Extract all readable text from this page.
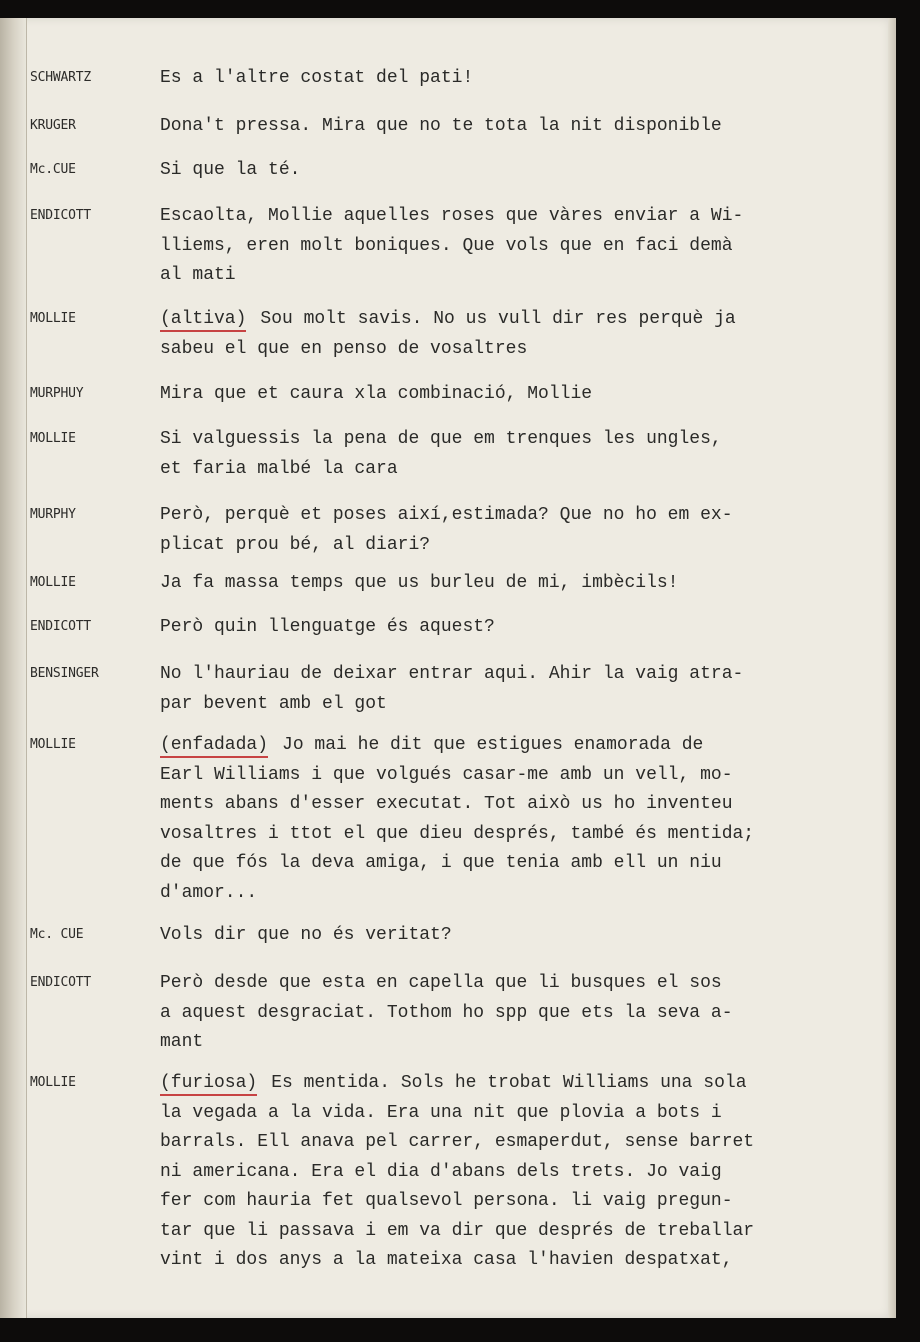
SCHWARTZ	Es a l'altre costat del pati!
KRUGER	Dona't pressa. Mira que no te tota la nit disponible
Mc.CUE	Si que la té.
ENDICOTT	Escaolta, Mollie aquelles roses que vàres enviar a Wi-
lliems, eren molt boniques. Que vols que en faci demà
al mati
MOLLIE	(altiva) Sou molt savis. No us vull dir res perquè ja
sabeu el que en penso de vosaltres
MURPHUY	Mira que et caura xla combinació, Mollie
MOLLIE	Si valguessis la pena de que em trenques les ungles,
et faria malbé la cara
MURPHY	Però, perquè et poses així,estimada? Que no ho em ex-
plicat prou bé, al diari?
MOLLIE	Ja fa massa temps que us burleu de mi, imbècils!
ENDICOTT	Però quin llenguatge és aquest?
BENSINGER	No l'hauriau de deixar entrar aqui. Ahir la vaig atra-
par bevent amb el got
MOLLIE	(enfadada) Jo mai he dit que estigues enamorada de
Earl Williams i que volgués casar-me amb un vell, mo-
ments abans d'esser executat. Tot això us ho inventeu
vosaltres i ttot el que dieu després, també és mentida;
de que fós la deva amiga, i que tenia amb ell un niu
d'amor...
Mc. CUE	Vols dir que no és veritat?
ENDICOTT	Però desde que esta en capella que li busques el sos
a aquest desgraciat. Tothom ho spp que ets la seva a-
mant
MOLLIE	(furiosa) Es mentida. Sols he trobat Williams una sola
la vegada a la vida. Era una nit que plovia a bots i
barrals. Ell anava pel carrer, esmaperdut, sense barret
ni americana. Era el dia d'abans dels trets. Jo vaig
fer com hauria fet qualsevol persona. li vaig pregun-
tar que li passava i em va dir que després de treballar
vint i dos anys a la mateixa casa l'havien despatxat,
